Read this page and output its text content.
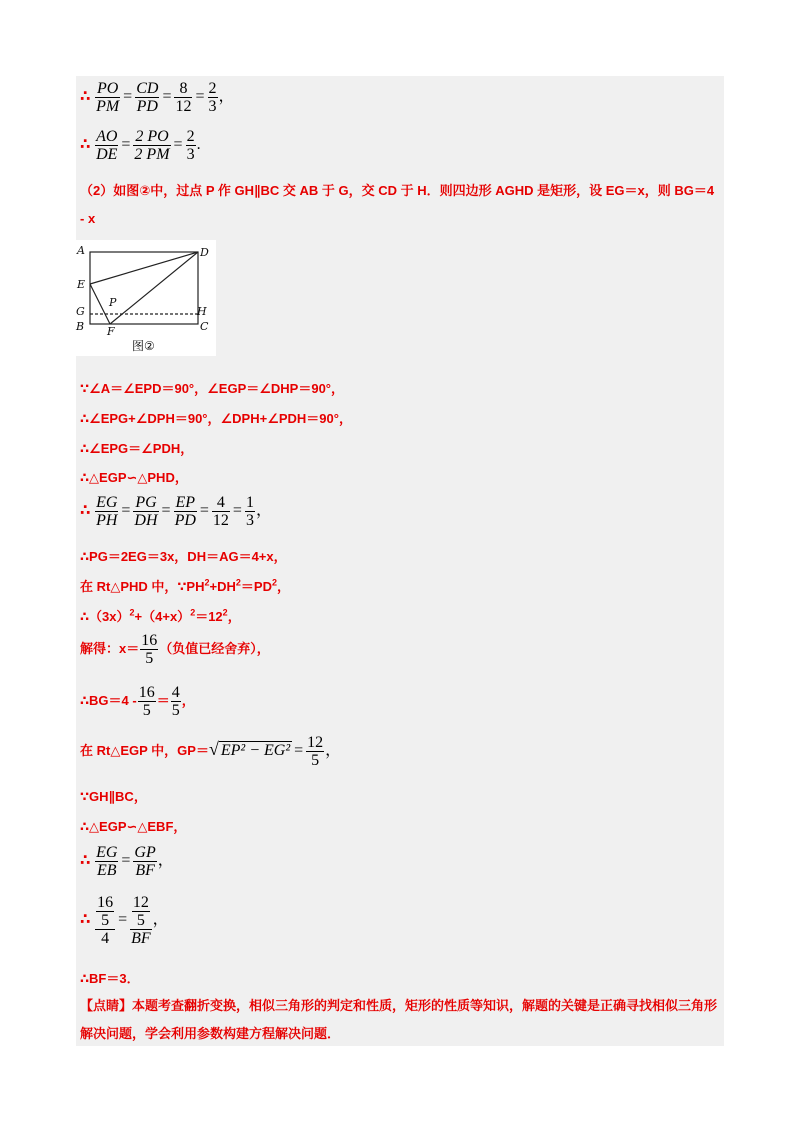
∴ $\frac{PO}{PM} = \frac{CD}{PD} = \frac{8}{12} = \frac{2}{3}$ ，
∴ $\frac{AO}{DE} = \frac{2 PO}{2 PM} = \frac{2}{3}$ .
（2）如图②中，过点 P 作 GH∥BC 交 AB 于 G，交 CD 于 H．则四边形 AGHD 是矩形，设 EG＝x，则 BG＝4
- x
A	D
E
P
G	H
B F	C
图②
∵∠A＝∠EPD＝90°，∠EGP＝∠DHP＝90°，
∴∠EPG+∠DPH＝90°，∠DPH+∠PDH＝90°，
∴∠EPG＝∠PDH，
∴△EGP∽△PHD，
∴ $\frac{EG}{PH} = \frac{PG}{DH} = \frac{EP}{PD} = \frac{4}{12} = \frac{1}{3}$ ，
∴PG＝2EG＝3x，DH＝AG＝4+x，
在 Rt△PHD 中，$\because PH^2+DH^2=PD^2$，
$\therefore(3x)^2+(4+x)^2=12^2$，
解得：$x= \frac{16}{5}$ （负值已经舍弃），
∴BG＝4 - $\frac{16}{5} = \frac{4}{5}$ ，
在 Rt△EGP 中，GP＝√ $EP^2 - EG^2 = \frac{12}{5}$ ，
∵GH∥BC，
∴△EGP∽△EBF，
∴ $\frac{EG}{EB} = \frac{GP}{BF}$ ，
∴ $\frac{\frac{16}{5}}{4} = \frac{\frac{12}{5}}{BF}$ ，
∴BF＝3．
【点睛】本题考查翻折变换，相似三角形的判定和性质，矩形的性质等知识，解题的关键是正确寻找相似三角形解决问题，学会利用参数构建方程解决问题．
